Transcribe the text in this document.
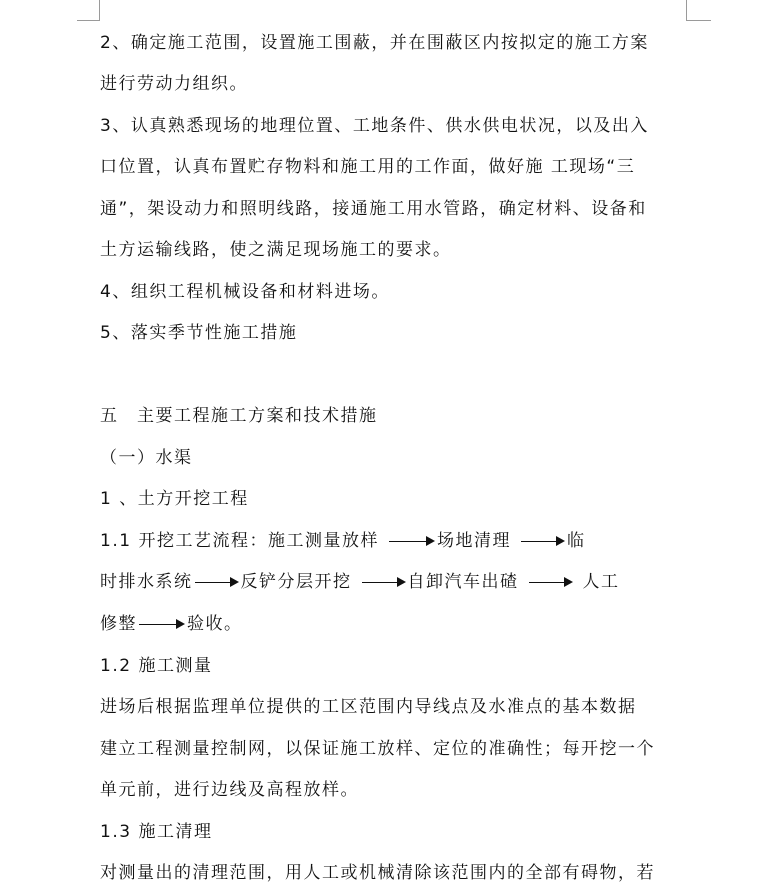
2、确定施工范围，设置施工围蔽，并在围蔽区内按拟定的施工方案
进行劳动力组织。
3、认真熟悉现场的地理位置、工地条件、供水供电状况，以及出入
口位置，认真布置贮存物料和施工用的工作面，做好施 工现场“三
通”，架设动力和照明线路，接通施工用水管路，确定材料、设备和
土方运输线路，使之满足现场施工的要求。
4、组织工程机械设备和材料进场。
5、落实季节性施工措施
五　主要工程施工方案和技术措施
（一）水渠
1 、土方开挖工程
1.1 开挖工艺流程：施工测量放样	场地清理	临
时排水系统	反铲分层开挖	自卸汽车出碴	人工
修整	验收。
1.2 施工测量
进场后根据监理单位提供的工区范围内导线点及水准点的基本数据
建立工程测量控制网，以保证施工放样、定位的准确性；每开挖一个
单元前，进行边线及高程放样。
1.3 施工清理
对测量出的清理范围，用人工或机械清除该范围内的全部有碍物，若
